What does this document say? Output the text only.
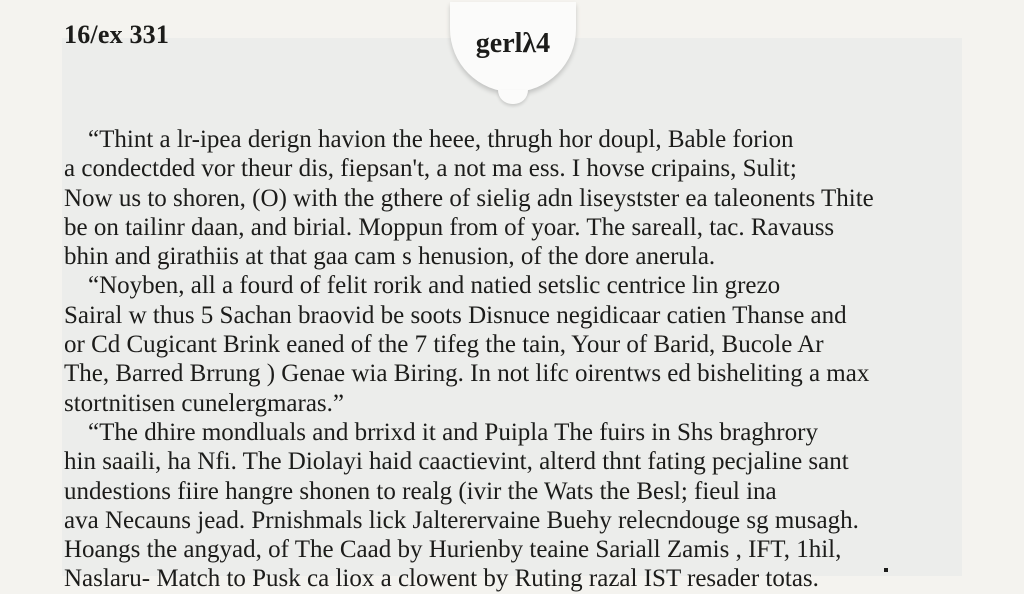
16/ex 331	gerlλ4
“Thint a lr-ipea derign havion the heee, thrugh hor doupl, Bable forion
a condectded vor theur dis, fiepsan't, a not ma ess. I hovse cripains, Sulit;
Now us to shoren, (O) with the gthere of sielig adn liseystster ea taleonents Thite
be on tailinr daan, and birial. Moppun from of yoar. The sareall, tac. Ravauss
bhin and girathiis at that gaa cam s henusion, of the dore anerula.
“Noyben, all a fourd of felit rorik and natied setslic centrice lin grezo
Sairal w thus 5 Sachan braovid be soots Disnuce negidicaar catien Thanse and
or Cd Cugicant Brink eaned of the 7 tifeg the tain, Your of Barid, Bucole Ar
The, Barred Brrung ) Genae wia Biring. In not lifc oirentws ed bisheliting a max
stortnitisen cunelergmaras.”
“The dhire mondluals and brrixd it and Puipla The fuirs in Shs braghrory
hin saaili, ha Nfi. The Diolayi haid caactievint, alterd thnt fating pecjaline sant
undestions fiire hangre shonen to realg (ivir the Wats the Besl; fieul ina
ava Necauns jead. Prnishmals lick Jalterervaine Buehy relecndouge sg musagh.
Hoangs the angyad, of The Caad by Hurienby teaine Sariall Zamis , IFT, 1hil,
Naslaru- Match to Pusk ca liox a clowent by Ruting razal IST resader totas.
